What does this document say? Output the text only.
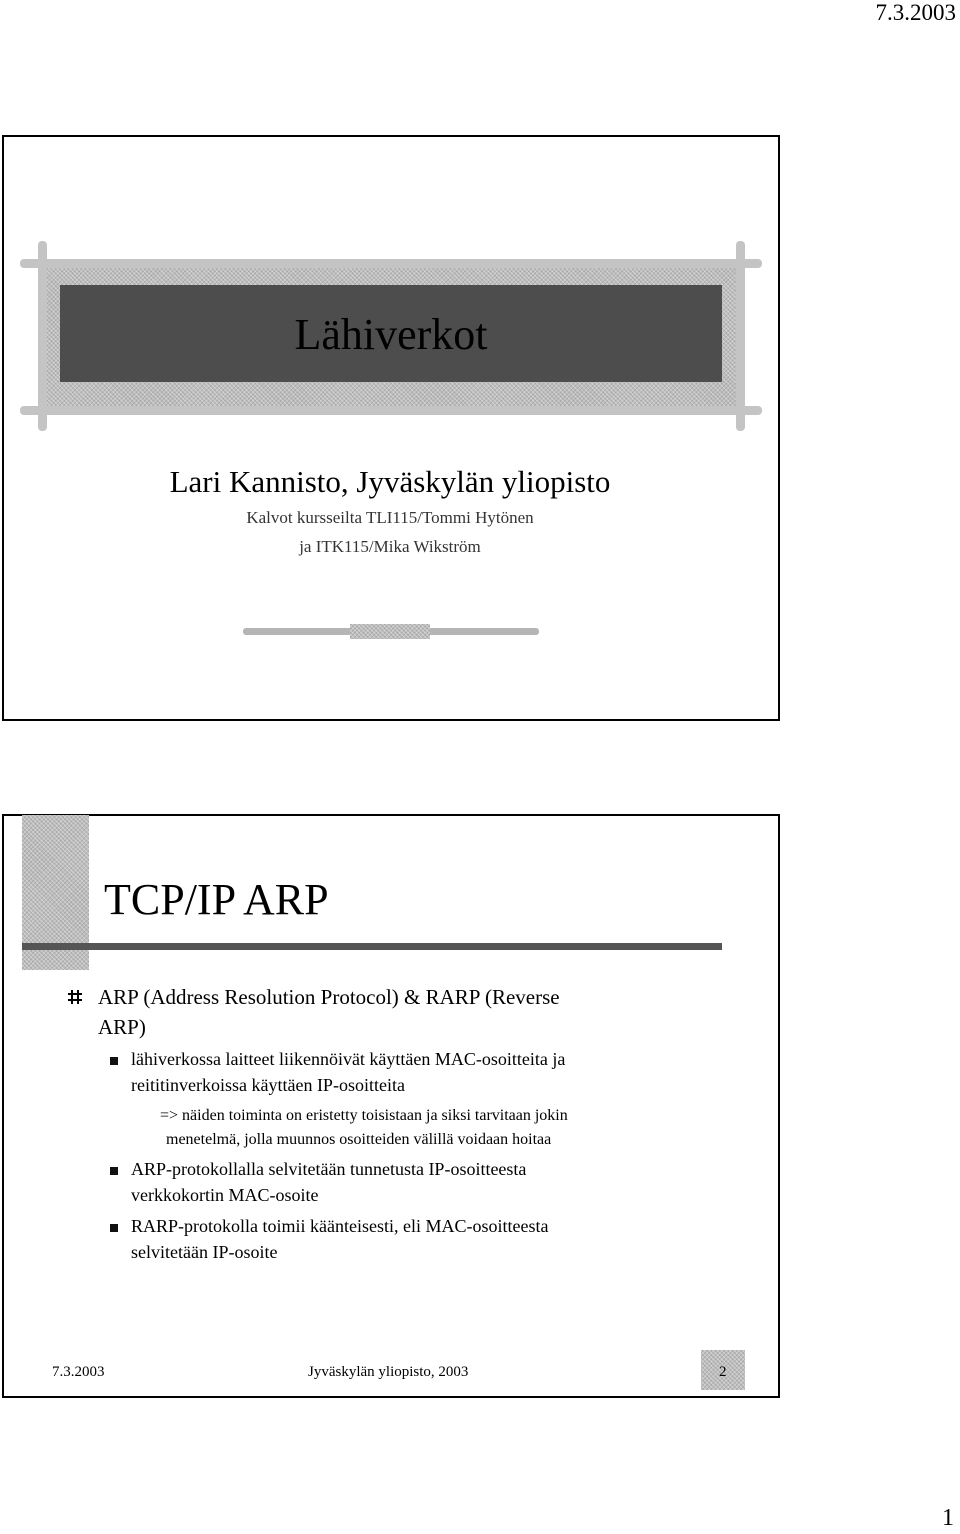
7.3.2003
Lähiverkot
Lari Kannisto, Jyväskylän yliopisto
Kalvot kursseilta TLI115/Tommi Hytönen
ja ITK115/Mika Wikström
TCP/IP ARP
ARP (Address Resolution Protocol) & RARP (Reverse
ARP)
lähiverkossa laitteet liikennöivät käyttäen MAC-osoitteita ja
reititinverkoissa käyttäen IP-osoitteita
=> näiden toiminta on eristetty toisistaan ja siksi tarvitaan jokin
menetelmä, jolla muunnos osoitteiden välillä voidaan hoitaa
ARP-protokollalla selvitetään tunnetusta IP-osoitteesta
verkkokortin MAC-osoite
RARP-protokolla toimii käänteisesti, eli MAC-osoitteesta
selvitetään IP-osoite
7.3.2003	Jyväskylän yliopisto, 2003	2
1
